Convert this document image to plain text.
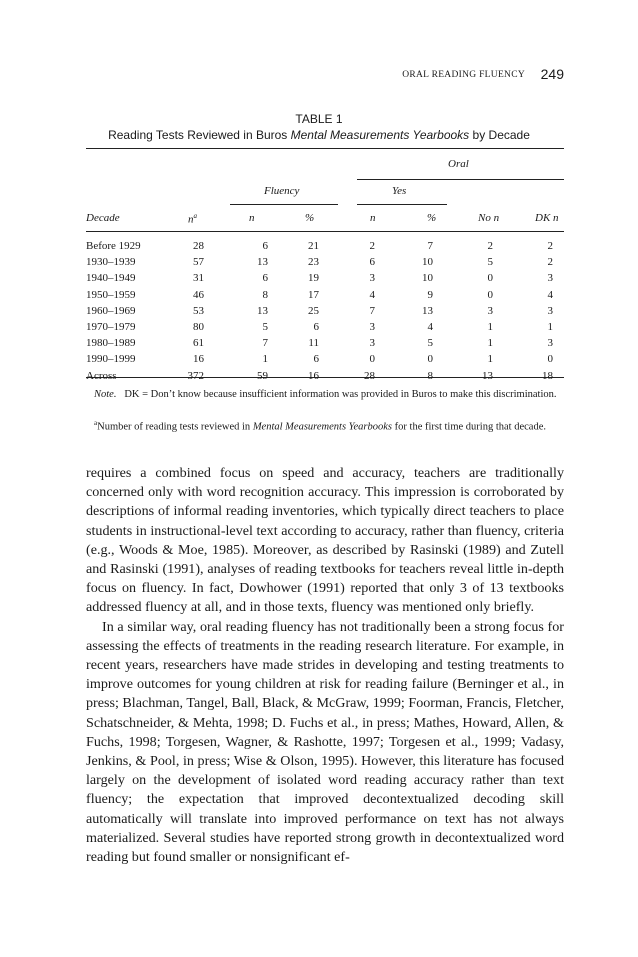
ORAL READING FLUENCY 249
TABLE 1
Reading Tests Reviewed in Buros Mental Measurements Yearbooks by Decade
Oral
Fluency	Yes
Decade	$n^a$	n	%	n	%	No n	DK n
Before 1929	28	6	21	2	7	2	2
1930–1939	57	13	23	6	10	5	2
1940–1949	31	6	19	3	10	0	3
1950–1959	46	8	17	4	9	0	4
1960–1969	53	13	25	7	13	3	3
1970–1979	80	5	6	3	4	1	1
1980–1989	61	7	11	3	5	1	3
1990–1999	16	1	6	0	0	1	0
Across	372	59	16	28	8	13	18
Note. DK = Don’t know because insufficient information was provided in Buros to make this discrimination.
$^a$Number of reading tests reviewed in Mental Measurements Yearbooks for the first time during that decade.

requires a combined focus on speed and accuracy, teachers are traditionally concerned only with word recognition accuracy. This impression is corroborated by descriptions of informal reading inventories, which typically direct teachers to place students in instructional-level text according to accuracy, rather than fluency, criteria (e.g., Woods & Moe, 1985). Moreover, as described by Rasinski (1989) and Zutell and Rasinski (1991), analyses of reading textbooks for teachers reveal little in-depth focus on fluency. In fact, Dowhower (1991) reported that only 3 of 13 textbooks addressed fluency at all, and in those texts, fluency was mentioned only briefly.

In a similar way, oral reading fluency has not traditionally been a strong focus for assessing the effects of treatments in the reading research literature. For example, in recent years, researchers have made strides in developing and testing treatments to improve outcomes for young children at risk for reading failure (Berninger et al., in press; Blachman, Tangel, Ball, Black, & McGraw, 1999; Foorman, Francis, Fletcher, Schatschneider, & Mehta, 1998; D. Fuchs et al., in press; Mathes, Howard, Allen, & Fuchs, 1998; Torgesen, Wagner, & Rashotte, 1997; Torgesen et al., 1999; Vadasy, Jenkins, & Pool, in press; Wise & Olson, 1995). However, this literature has focused largely on the development of isolated word reading accuracy rather than text fluency; the expectation that improved decontextualized decoding skill automatically will translate into improved performance on text has not always materialized. Several studies have reported strong growth in decontextualized word reading but found smaller or nonsignificant ef-
